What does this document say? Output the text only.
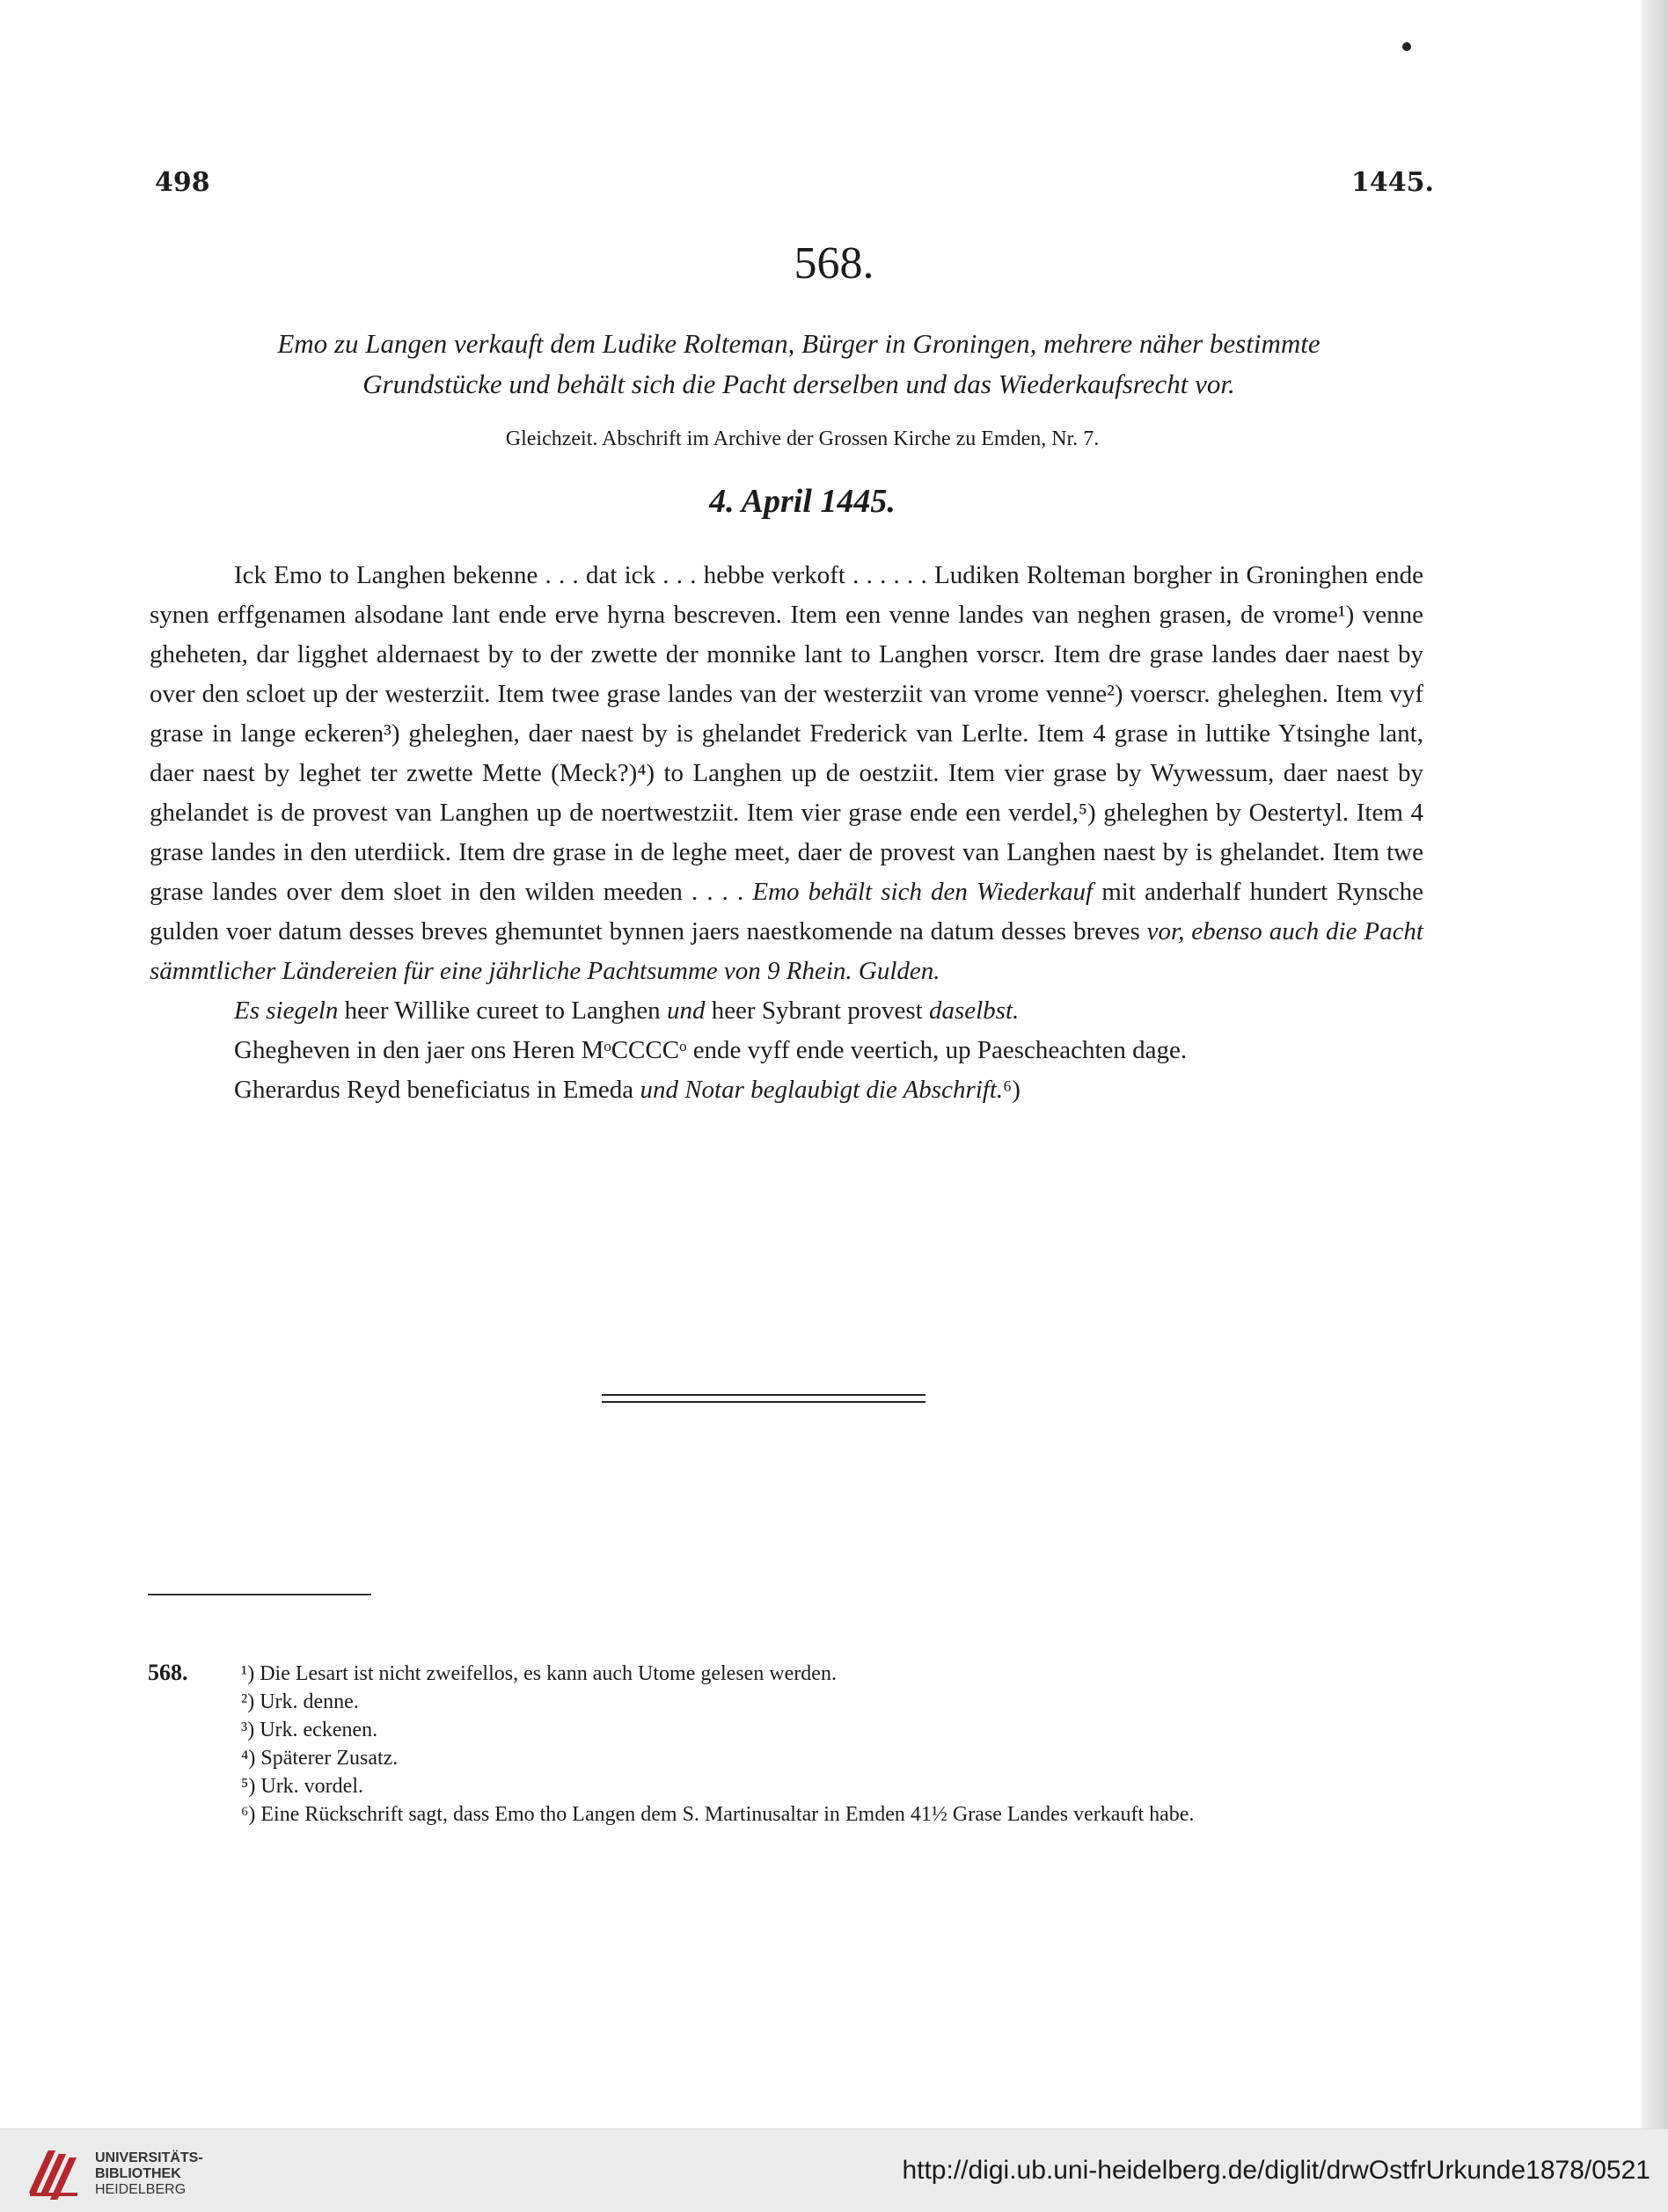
498	1445.
568.
Emo zu Langen verkauft dem Ludike Rolteman, Bürger in Groningen, mehrere näher bestimmte
Grundstücke und behält sich die Pacht derselben und das Wiederkaufsrecht vor.
Gleichzeit. Abschrift im Archive der Grossen Kirche zu Emden, Nr. 7.
4. April 1445.

Ick Emo to Langhen bekenne . . . dat ick . . . hebbe verkoft . . . . . . Ludiken Rolteman borgher in Groninghen ende synen erffgenamen alsodane lant ende erve hyrna bescreven. Item een venne landes van neghen grasen, de vrome¹) venne gheheten, dar ligghet aldernaest by to der zwette der monnike lant to Langhen vorscr. Item dre grase landes daer naest by over den scloet up der westerziit. Item twee grase landes van der westerziit van vrome venne²) voerscr. gheleghen. Item vyf grase in lange eckeren³) gheleghen, daer naest by is ghelandet Frederick van Lerlte. Item 4 grase in luttike Ytsinghe lant, daer naest by leghet ter zwette Mette (Meck?)⁴) to Langhen up de oestziit. Item vier grase by Wywessum, daer naest by ghelandet is de provest van Langhen up de noertwestziit. Item vier grase ende een verdel,⁵) gheleghen by Oestertyl. Item 4 grase landes in den uterdiick. Item dre grase in de leghe meet, daer de provest van Langhen naest by is ghelandet. Item twe grase landes over dem sloet in den wilden meeden . . . . Emo behält sich den Wiederkauf mit anderhalf hundert Rynsche gulden voer datum desses breves ghemuntet bynnen jaers naestkomende na datum desses breves vor, ebenso auch die Pacht sämmtlicher Ländereien für eine jährliche Pachtsumme von 9 Rhein. Gulden.

Es siegeln heer Willike cureet to Langhen und heer Sybrant provest daselbst.

Ghegheven in den jaer ons Heren MᵒCCCCᵒ ende vyff ende veertich, up Paescheachten dage.

Gherardus Reyd beneficiatus in Emeda und Notar beglaubigt die Abschrift.⁶)

568.	¹) Die Lesart ist nicht zweifellos, es kann auch Utome gelesen werden.
²) Urk. denne.
³) Urk. eckenen.
⁴) Späterer Zusatz.
⁵) Urk. vordel.
⁶) Eine Rückschrift sagt, dass Emo tho Langen dem S. Martinusaltar in Emden 41½ Grase Landes verkauft habe.
UNIVERSITÄTS-
BIBLIOTHEK
HEIDELBERG
http://digi.ub.uni-heidelberg.de/diglit/drwOstfrUrkunde1878/0521
